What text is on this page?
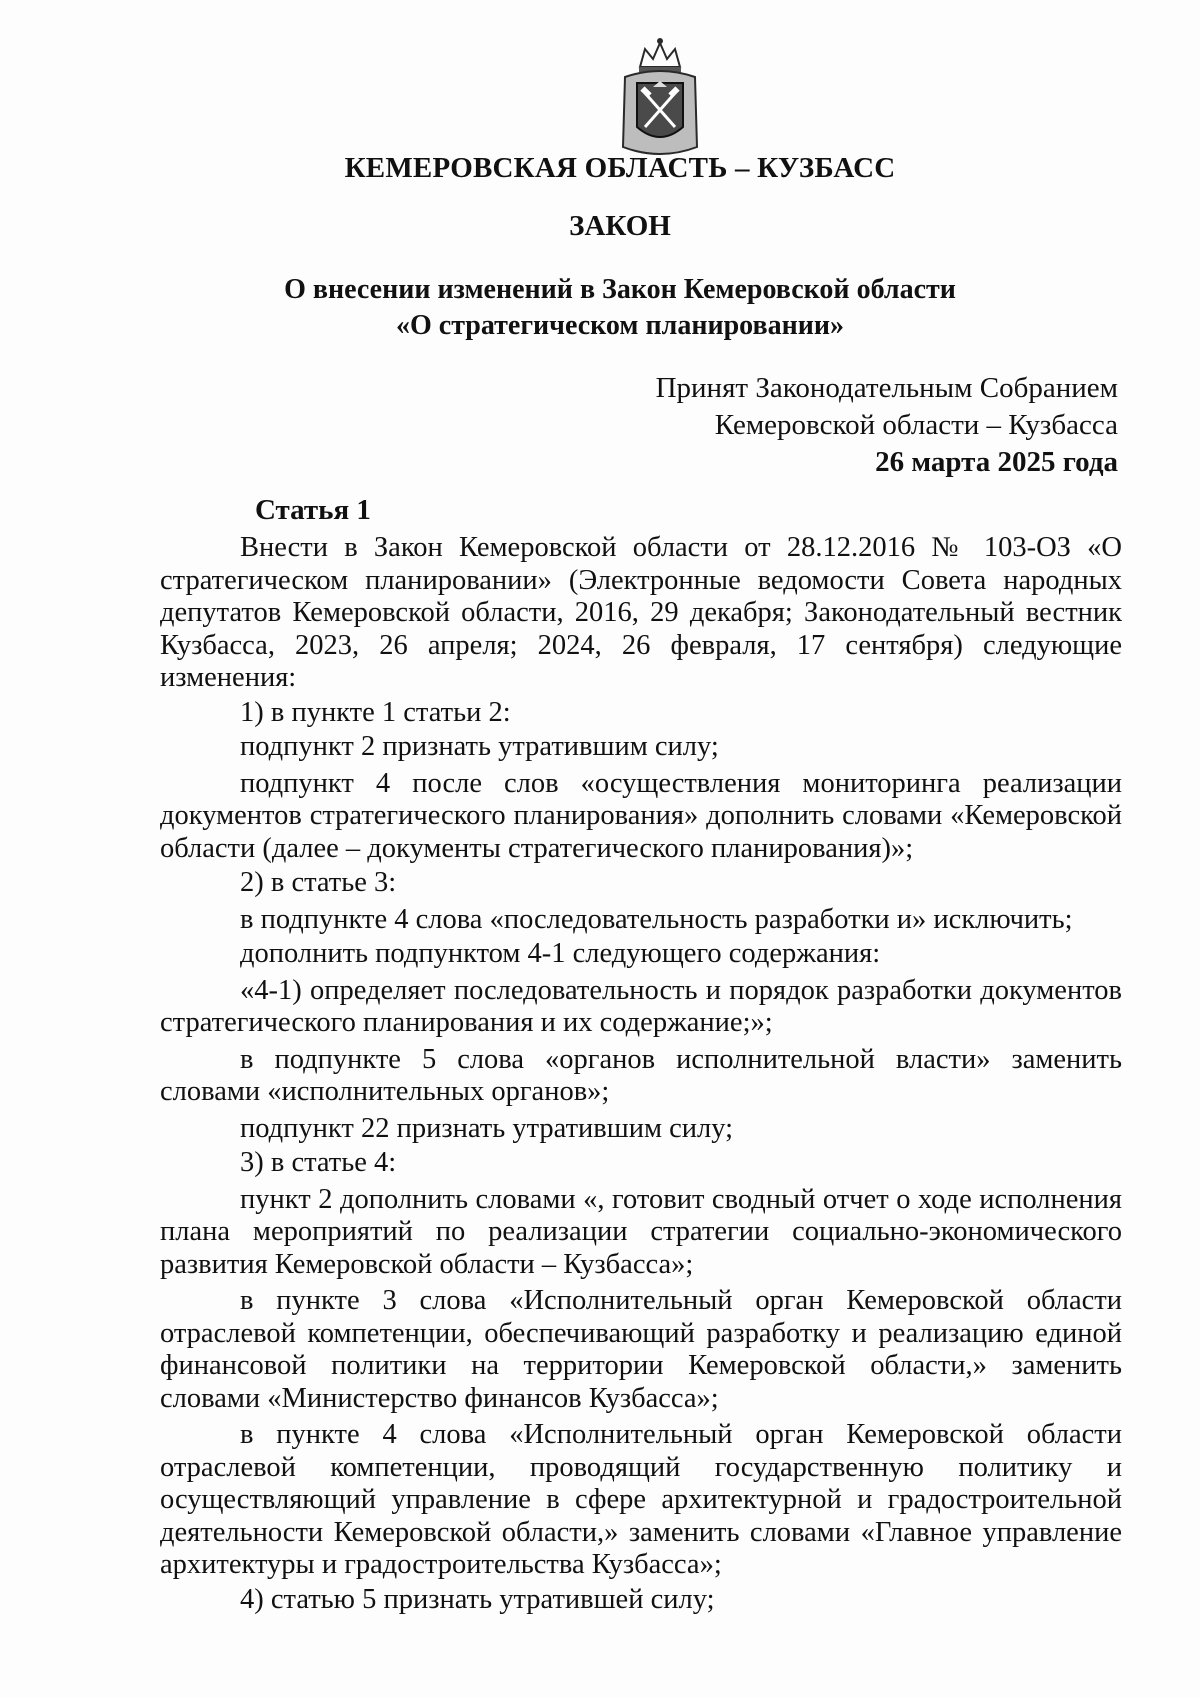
КЕМЕРОВСКАЯ ОБЛАСТЬ – КУЗБАСС
ЗАКОН
О внесении изменений в Закон Кемеровской области
«О стратегическом планировании»
Принят Законодательным Собранием
Кемеровской области – Кузбасса
26 марта 2025 года
Статья 1

Внести в Закон Кемеровской области от 28.12.2016 № 103-ОЗ «О стратегическом планировании» (Электронные ведомости Совета народных депутатов Кемеровской области, 2016, 29 декабря; Законодательный вестник Кузбасса, 2023, 26 апреля; 2024, 26 февраля, 17 сентября) следующие изменения:

1) в пункте 1 статьи 2:

подпункт 2 признать утратившим силу;

подпункт 4 после слов «осуществления мониторинга реализации документов стратегического планирования» дополнить словами «Кемеровской области (далее – документы стратегического планирования)»;

2) в статье 3:

в подпункте 4 слова «последовательность разработки и» исключить;

дополнить подпунктом 4-1 следующего содержания:

«4-1) определяет последовательность и порядок разработки документов стратегического планирования и их содержание;»;

в подпункте 5 слова «органов исполнительной власти» заменить словами «исполнительных органов»;

подпункт 22 признать утратившим силу;

3) в статье 4:

пункт 2 дополнить словами «, готовит сводный отчет о ходе исполнения плана мероприятий по реализации стратегии социально-экономического развития Кемеровской области – Кузбасса»;

в пункте 3 слова «Исполнительный орган Кемеровской области отраслевой компетенции, обеспечивающий разработку и реализацию единой финансовой политики на территории Кемеровской области,» заменить словами «Министерство финансов Кузбасса»;

в пункте 4 слова «Исполнительный орган Кемеровской области отраслевой компетенции, проводящий государственную политику и осуществляющий управление в сфере архитектурной и градостроительной деятельности Кемеровской области,» заменить словами «Главное управление архитектуры и градостроительства Кузбасса»;

4) статью 5 признать утратившей силу;
